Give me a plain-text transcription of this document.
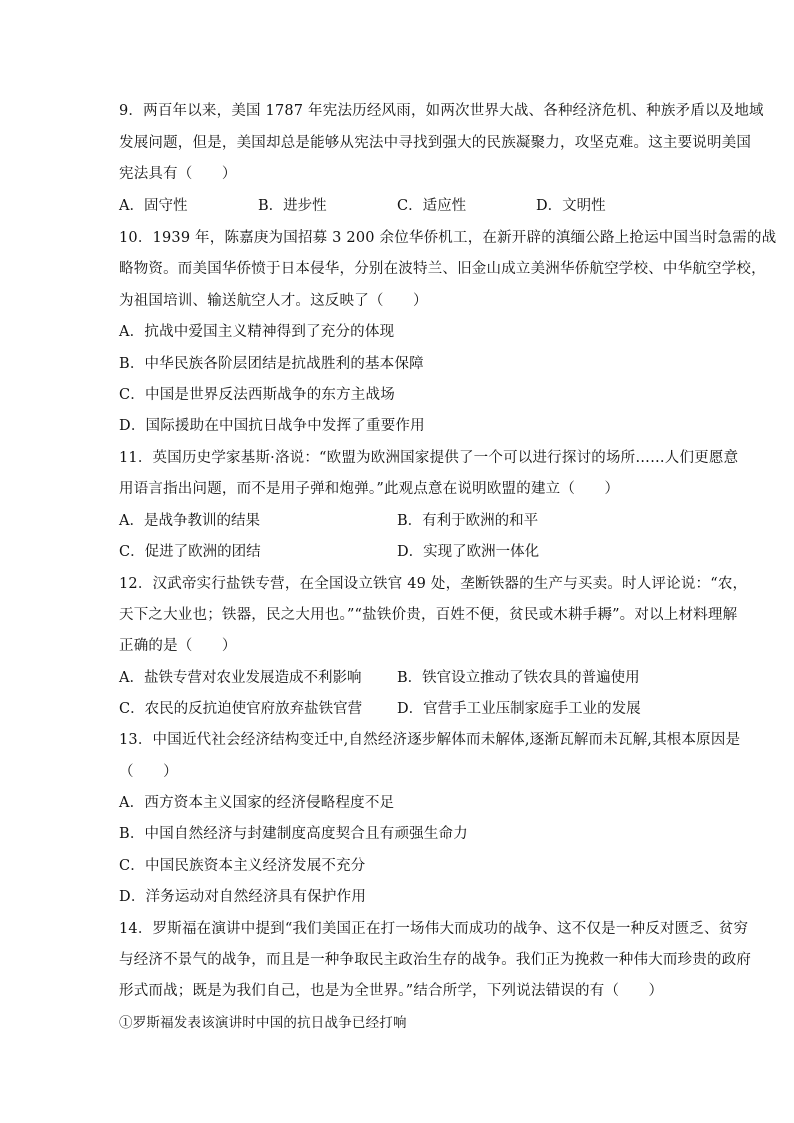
9．两百年以来，美国 1787 年宪法历经风雨，如两次世界大战、各种经济危机、种族矛盾以及地域
发展问题，但是，美国却总是能够从宪法中寻找到强大的民族凝聚力，攻坚克难。这主要说明美国
宪法具有（　　）
A．固守性	B．进步性	C．适应性	D．文明性
10．1939 年，陈嘉庚为国招募 3 200 余位华侨机工，在新开辟的滇缅公路上抢运中国当时急需的战
略物资。而美国华侨愤于日本侵华，分别在波特兰、旧金山成立美洲华侨航空学校、中华航空学校，
为祖国培训、输送航空人才。这反映了（　　）
A．抗战中爱国主义精神得到了充分的体现
B．中华民族各阶层团结是抗战胜利的基本保障
C．中国是世界反法西斯战争的东方主战场
D．国际援助在中国抗日战争中发挥了重要作用
11．英国历史学家基斯·洛说：“欧盟为欧洲国家提供了一个可以进行探讨的场所……人们更愿意
用语言指出问题，而不是用子弹和炮弹。”此观点意在说明欧盟的建立（　　）
A．是战争教训的结果	B．有利于欧洲的和平
C．促进了欧洲的团结	D．实现了欧洲一体化
12．汉武帝实行盐铁专营，在全国设立铁官 49 处，垄断铁器的生产与买卖。时人评论说：“农，
天下之大业也；铁器，民之大用也。”“盐铁价贵，百姓不便，贫民或木耕手耨”。对以上材料理解
正确的是（　　）
A．盐铁专营对农业发展造成不利影响 B．铁官设立推动了铁农具的普遍使用
C．农民的反抗迫使官府放弃盐铁官营 D．官营手工业压制家庭手工业的发展
13．中国近代社会经济结构变迁中,自然经济逐步解体而未解体,逐渐瓦解而未瓦解,其根本原因是
（　　）
A．西方资本主义国家的经济侵略程度不足
B．中国自然经济与封建制度高度契合且有顽强生命力
C．中国民族资本主义经济发展不充分
D．洋务运动对自然经济具有保护作用
14．罗斯福在演讲中提到“我们美国正在打一场伟大而成功的战争、这不仅是一种反对匮乏、贫穷
与经济不景气的战争，而且是一种争取民主政治生存的战争。我们正为挽救一种伟大而珍贵的政府
形式而战；既是为我们自己，也是为全世界。”结合所学，下列说法错误的有（　　）
①罗斯福发表该演讲时中国的抗日战争已经打响
